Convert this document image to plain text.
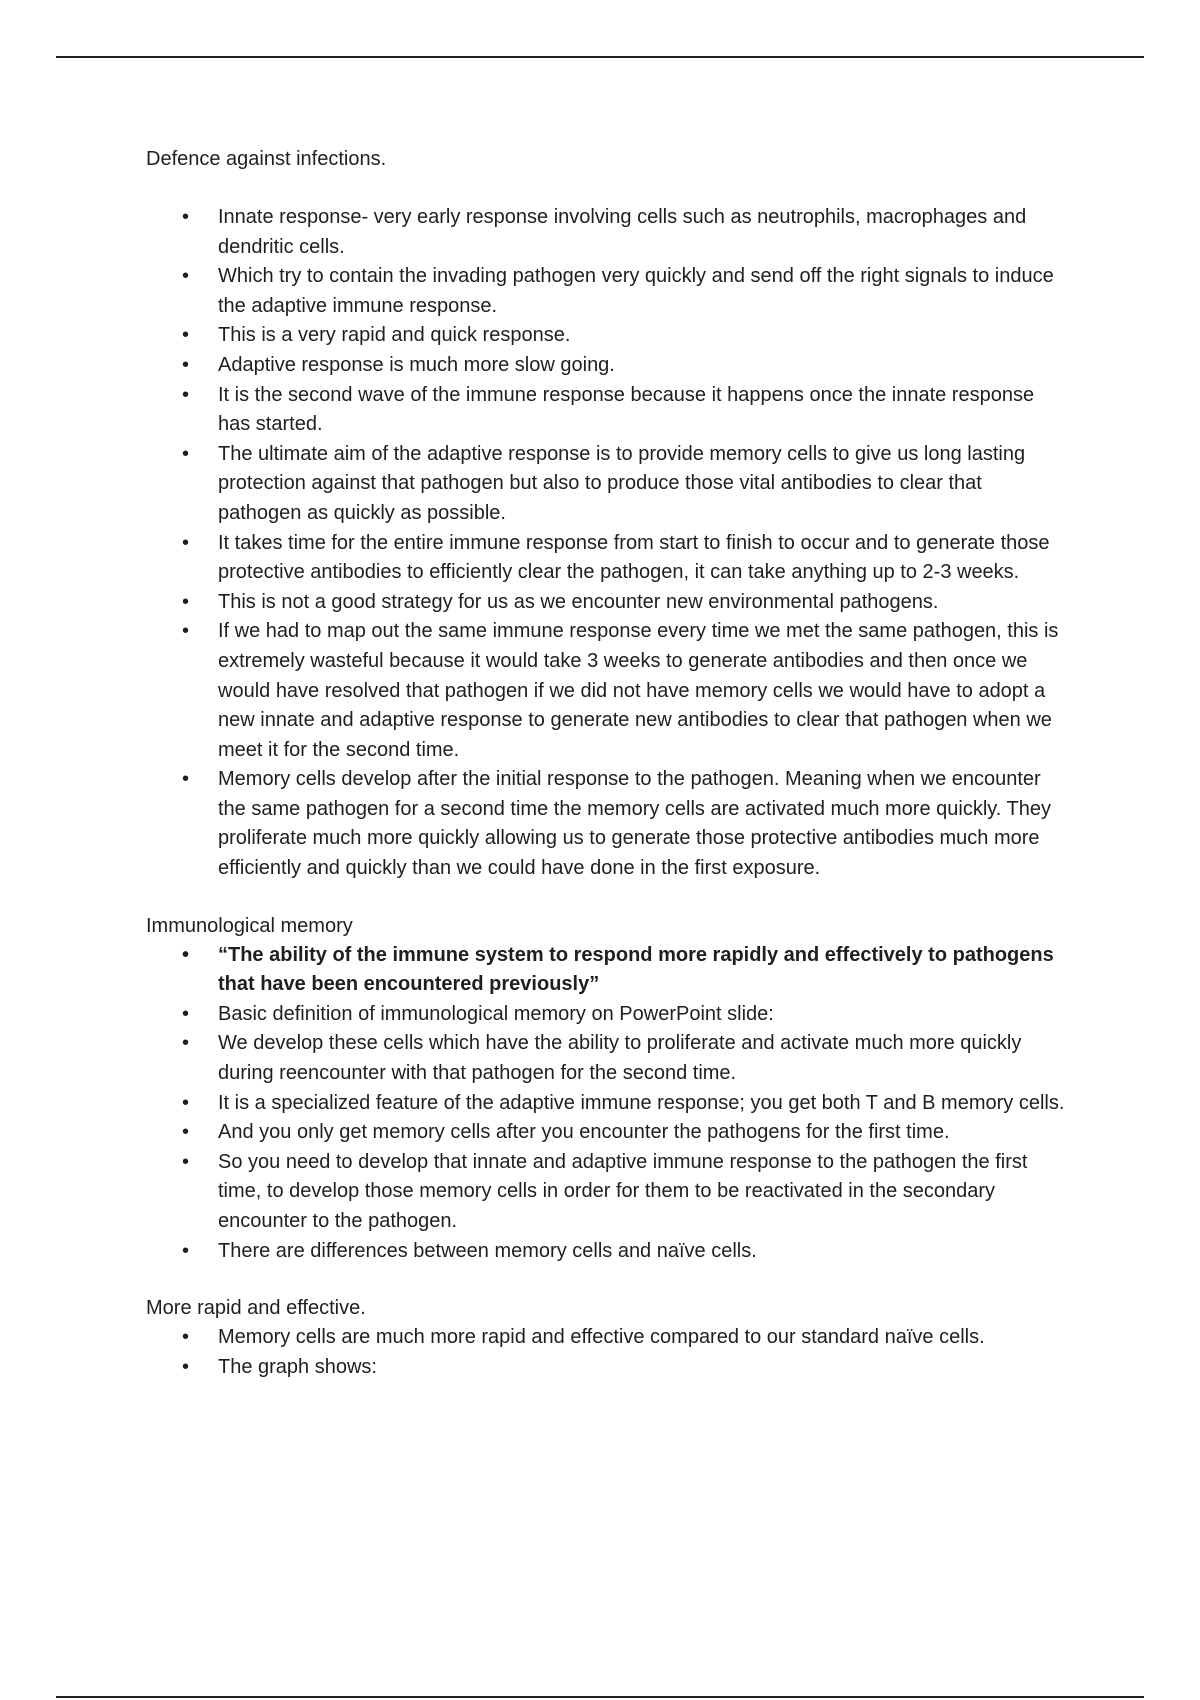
Defence against infections.

• Innate response- very early response involving cells such as neutrophils, macrophages and dendritic cells.
• Which try to contain the invading pathogen very quickly and send off the right signals to induce the adaptive immune response.
• This is a very rapid and quick response.
• Adaptive response is much more slow going.
• It is the second wave of the immune response because it happens once the innate response has started.
• The ultimate aim of the adaptive response is to provide memory cells to give us long lasting protection against that pathogen but also to produce those vital antibodies to clear that pathogen as quickly as possible.
• It takes time for the entire immune response from start to finish to occur and to generate those protective antibodies to efficiently clear the pathogen, it can take anything up to 2-3 weeks.
• This is not a good strategy for us as we encounter new environmental pathogens.
• If we had to map out the same immune response every time we met the same pathogen, this is extremely wasteful because it would take 3 weeks to generate antibodies and then once we would have resolved that pathogen if we did not have memory cells we would have to adopt a new innate and adaptive response to generate new antibodies to clear that pathogen when we meet it for the second time.
• Memory cells develop after the initial response to the pathogen. Meaning when we encounter the same pathogen for a second time the memory cells are activated much more quickly. They proliferate much more quickly allowing us to generate those protective antibodies much more efficiently and quickly than we could have done in the first exposure.

Immunological memory

• “The ability of the immune system to respond more rapidly and effectively to pathogens that have been encountered previously”
• Basic definition of immunological memory on PowerPoint slide:
• We develop these cells which have the ability to proliferate and activate much more quickly during reencounter with that pathogen for the second time.
• It is a specialized feature of the adaptive immune response; you get both T and B memory cells.
• And you only get memory cells after you encounter the pathogens for the first time.
• So you need to develop that innate and adaptive immune response to the pathogen the first time, to develop those memory cells in order for them to be reactivated in the secondary encounter to the pathogen.
• There are differences between memory cells and naïve cells.

More rapid and effective.

• Memory cells are much more rapid and effective compared to our standard naïve cells.
• The graph shows:
